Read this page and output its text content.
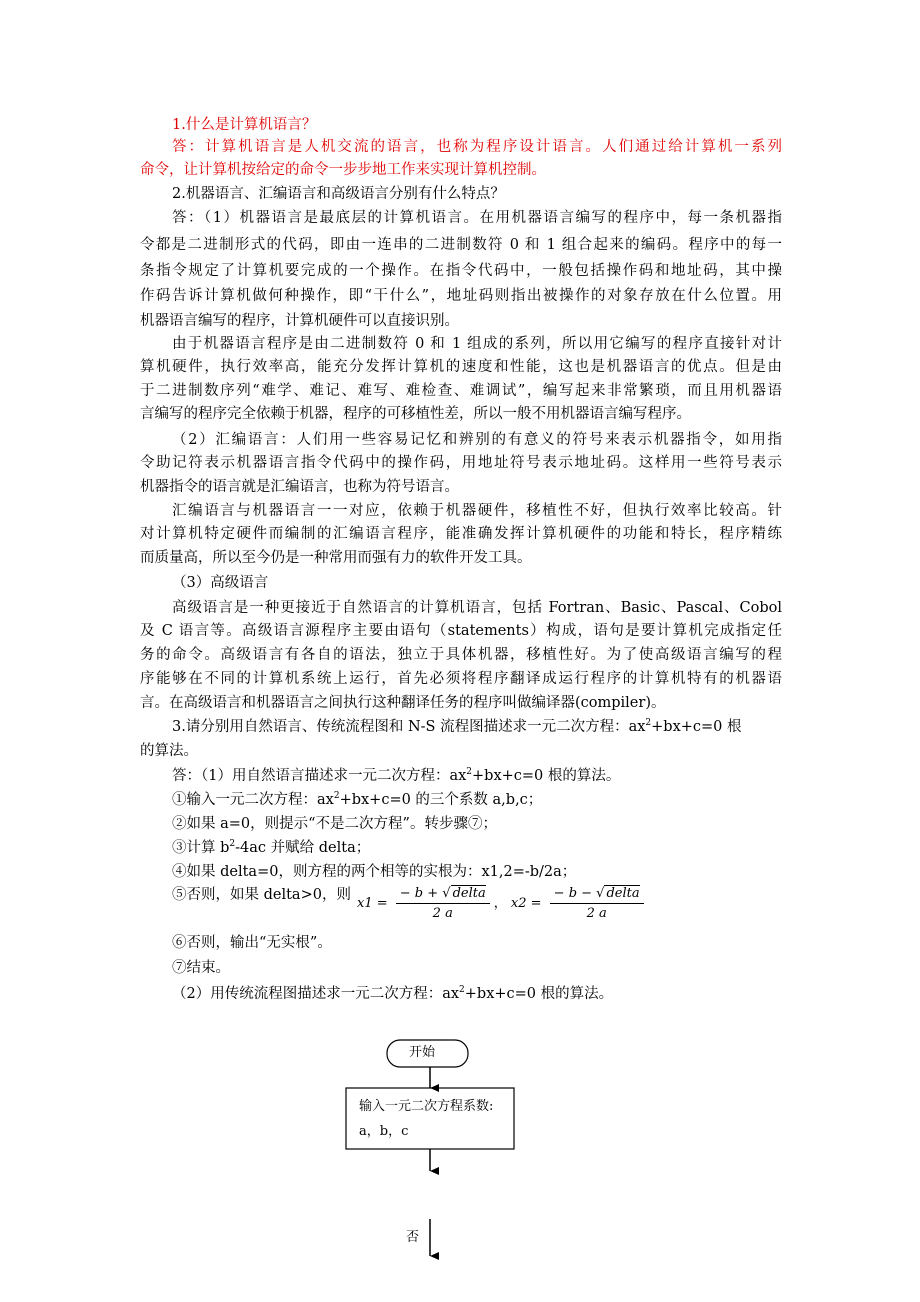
1.什么是计算机语言？
答：计算机语言是人机交流的语言，也称为程序设计语言。人们通过给计算机一系列
命令，让计算机按给定的命令一步步地工作来实现计算机控制。
2.机器语言、汇编语言和高级语言分别有什么特点？
答：（1）机器语言是最底层的计算机语言。在用机器语言编写的程序中，每一条机器指
令都是二进制形式的代码，即由一连串的二进制数符 0 和 1 组合起来的编码。程序中的每一
条指令规定了计算机要完成的一个操作。在指令代码中，一般包括操作码和地址码，其中操
作码告诉计算机做何种操作，即“干什么”，地址码则指出被操作的对象存放在什么位置。用
机器语言编写的程序，计算机硬件可以直接识别。
由于机器语言程序是由二进制数符 0 和 1 组成的系列，所以用它编写的程序直接针对计
算机硬件，执行效率高，能充分发挥计算机的速度和性能，这也是机器语言的优点。但是由
于二进制数序列“难学、难记、难写、难检查、难调试”，编写起来非常繁琐，而且用机器语
言编写的程序完全依赖于机器，程序的可移植性差，所以一般不用机器语言编写程序。
（2）汇编语言：人们用一些容易记忆和辨别的有意义的符号来表示机器指令，如用指
令助记符表示机器语言指令代码中的操作码，用地址符号表示地址码。这样用一些符号表示
机器指令的语言就是汇编语言，也称为符号语言。
汇编语言与机器语言一一对应，依赖于机器硬件，移植性不好，但执行效率比较高。针
对计算机特定硬件而编制的汇编语言程序，能准确发挥计算机硬件的功能和特长，程序精练
而质量高，所以至今仍是一种常用而强有力的软件开发工具。
（3）高级语言
高级语言是一种更接近于自然语言的计算机语言，包括 Fortran、Basic、Pascal、Cobol
及 C 语言等。高级语言源程序主要由语句（statements）构成，语句是要计算机完成指定任
务的命令。高级语言有各自的语法，独立于具体机器，移植性好。为了使高级语言编写的程
序能够在不同的计算机系统上运行，首先必须将程序翻译成运行程序的计算机特有的机器语
言。在高级语言和机器语言之间执行这种翻译任务的程序叫做编译器(compiler)。
3.请分别用自然语言、传统流程图和 N-S 流程图描述求一元二次方程：$ax^2+bx+c=0$ 根
的算法。
答：（1）用自然语言描述求一元二次方程：$ax^2+bx+c=0$ 根的算法。
①输入一元二次方程：$ax^2+bx+c=0$ 的三个系数 a,b,c；
②如果 a=0，则提示“不是二次方程”。转步骤⑦；
③计算 $b^2-4ac$ 并赋给 delta；
④如果 delta=0，则方程的两个相等的实根为：x1,2=-b/2a；
⑤否则，如果 delta>0，则
$x1 = \frac{\text{− b + √ delta}}{2 a}$ ， $x2 = \frac{\text{− b − √ delta}}{2 a}$
⑥否则，输出“无实根”。
⑦结束。
（2）用传统流程图描述求一元二次方程：$ax^2+bx+c=0$ 根的算法。
开始
输入一元二次方程系数:
a，b，c
否
